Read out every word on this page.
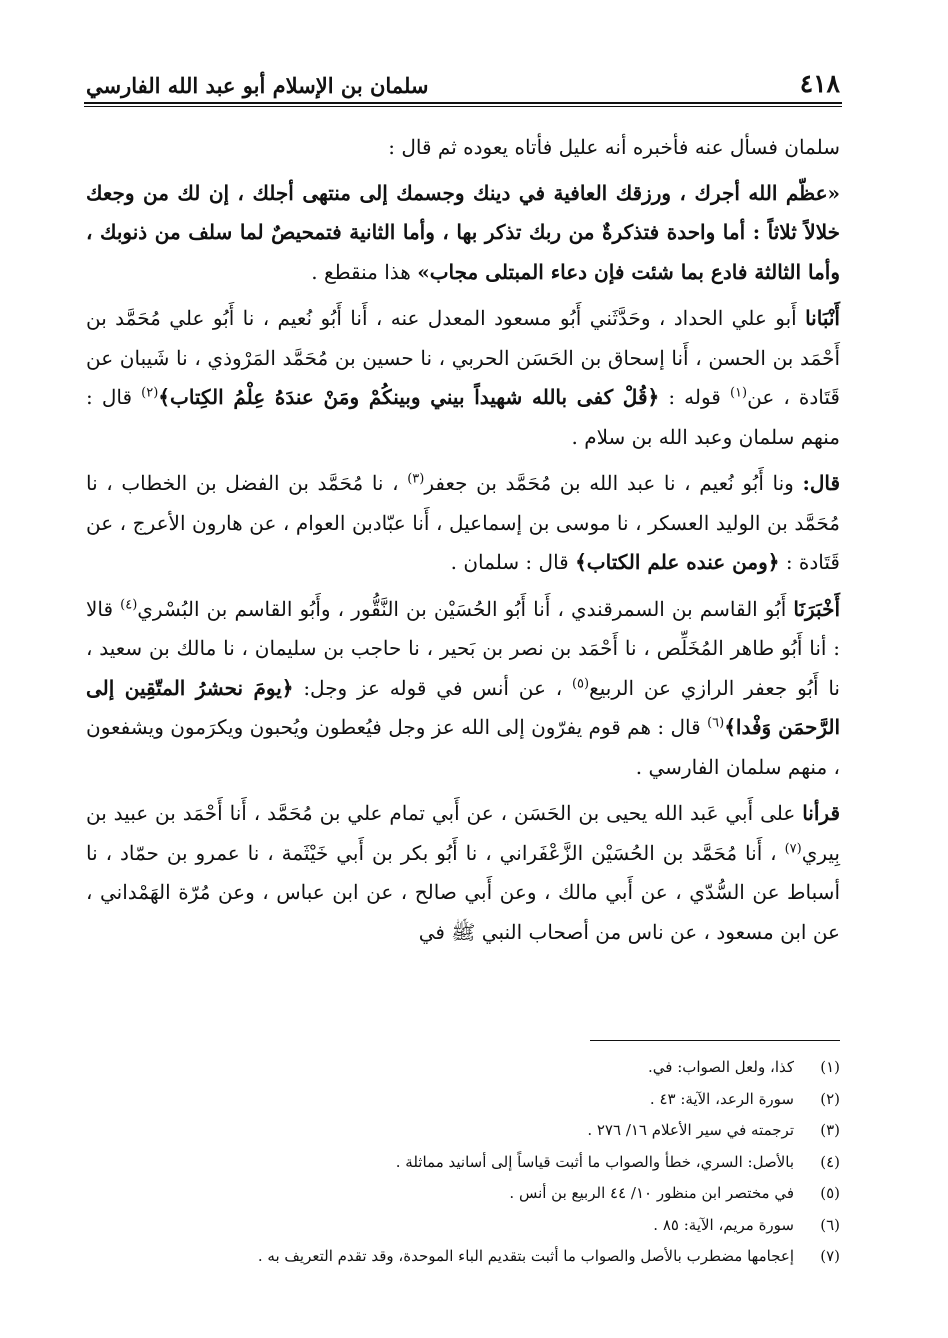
٤١٨
سلمان بن الإسلام أبو عبد الله الفارسي

سلمان فسأل عنه فأخبره أنه عليل فأتاه يعوده ثم قال :

«عظّم الله أجرك ، ورزقك العافية في دينك وجسمك إلى منتهى أجلك ، إن لك من وجعك خلالاً ثلاثاً : أما واحدة فتذكرةٌ من ربك تذكر بها ، وأما الثانية فتمحيصٌ لما سلف من ذنوبك ، وأما الثالثة فادع بما شئت فإن دعاء المبتلى مجاب» هذا منقطع .

أَنْبَانا أَبو علي الحداد ، وحَدَّثَني أَبُو مسعود المعدل عنه ، أَنا أَبُو نُعيم ، نا أَبُو علي مُحَمَّد بن أَحْمَد بن الحسن ، أَنا إسحاق بن الحَسَن الحربي ، نا حسين بن مُحَمَّد المَرْوذي ، نا شَيبان عن قَتَادة ، عن$^{(١)}$ قوله : ﴿قُلْ كفى بالله شهيداً بيني وبينكُمْ ومَنْ عندَهُ عِلْمُ الكِتاب﴾$^{(٢)}$ قال : منهم سلمان وعبد الله بن سلام .

قال: ونا أَبُو نُعيم ، نا عبد الله بن مُحَمَّد بن جعفر$^{(٣)}$ ، نا مُحَمَّد بن الفضل بن الخطاب ، نا مُحَمَّد بن الوليد العسكر ، نا موسى بن إسماعيل ، أَنا عبّادبن العوام ، عن هارون الأعرج ، عن قَتَادة : ﴿ومن عنده علم الكتاب﴾ قال : سلمان .

أَخْبَرَنَا أَبُو القاسم بن السمرقندي ، أَنا أَبُو الحُسَيْن بن النَّقُّور ، وأَبُو القاسم بن البُسْري$^{(٤)}$ قالا : أنا أَبُو طاهر المُخَلِّص ، نا أَحْمَد بن نصر بن بَحير ، نا حاجب بن سليمان ، نا مالك بن سعيد ، نا أَبُو جعفر الرازي عن الربيع$^{(٥)}$ ، عن أنس في قوله عز وجل: ﴿يومَ نحشرُ المتّقِين إلى الرَّحمَن وَفْدا﴾$^{(٦)}$ قال : هم قوم يفرّون إلى الله عز وجل فيُعطون ويُحبون ويكرَمون ويشفعون ، منهم سلمان الفارسي .

قرأنا على أَبي عَبد الله يحيى بن الحَسَن ، عن أَبي تمام علي بن مُحَمَّد ، أَنا أَحْمَد بن عبيد بن بِيري$^{(٧)}$ ، أَنا مُحَمَّد بن الحُسَيْن الزَّعْفَراني ، نا أَبُو بكر بن أَبي خَيْثَمة ، نا عمرو بن حمّاد ، نا أسباط عن السُّدّي ، عن أَبي مالك ، وعن أَبي صالح ، عن ابن عباس ، وعن مُرّة الهَمْداني ، عن ابن مسعود ، عن ناس من أصحاب النبي ﷺ في

(١)
كذا، ولعل الصواب: في.
(٢)
سورة الرعد، الآية: ٤٣ .
(٣)
ترجمته في سير الأعلام ١٦/ ٢٧٦ .
(٤)
بالأصل: السري، خطأ والصواب ما أثبت قياساً إلى أسانيد مماثلة .
(٥)
في مختصر ابن منظور ١٠/ ٤٤ الربيع بن أنس .
(٦)
سورة مريم، الآية: ٨٥ .
(٧)
إعجامها مضطرب بالأصل والصواب ما أثبت بتقديم الباء الموحدة، وقد تقدم التعريف به .
